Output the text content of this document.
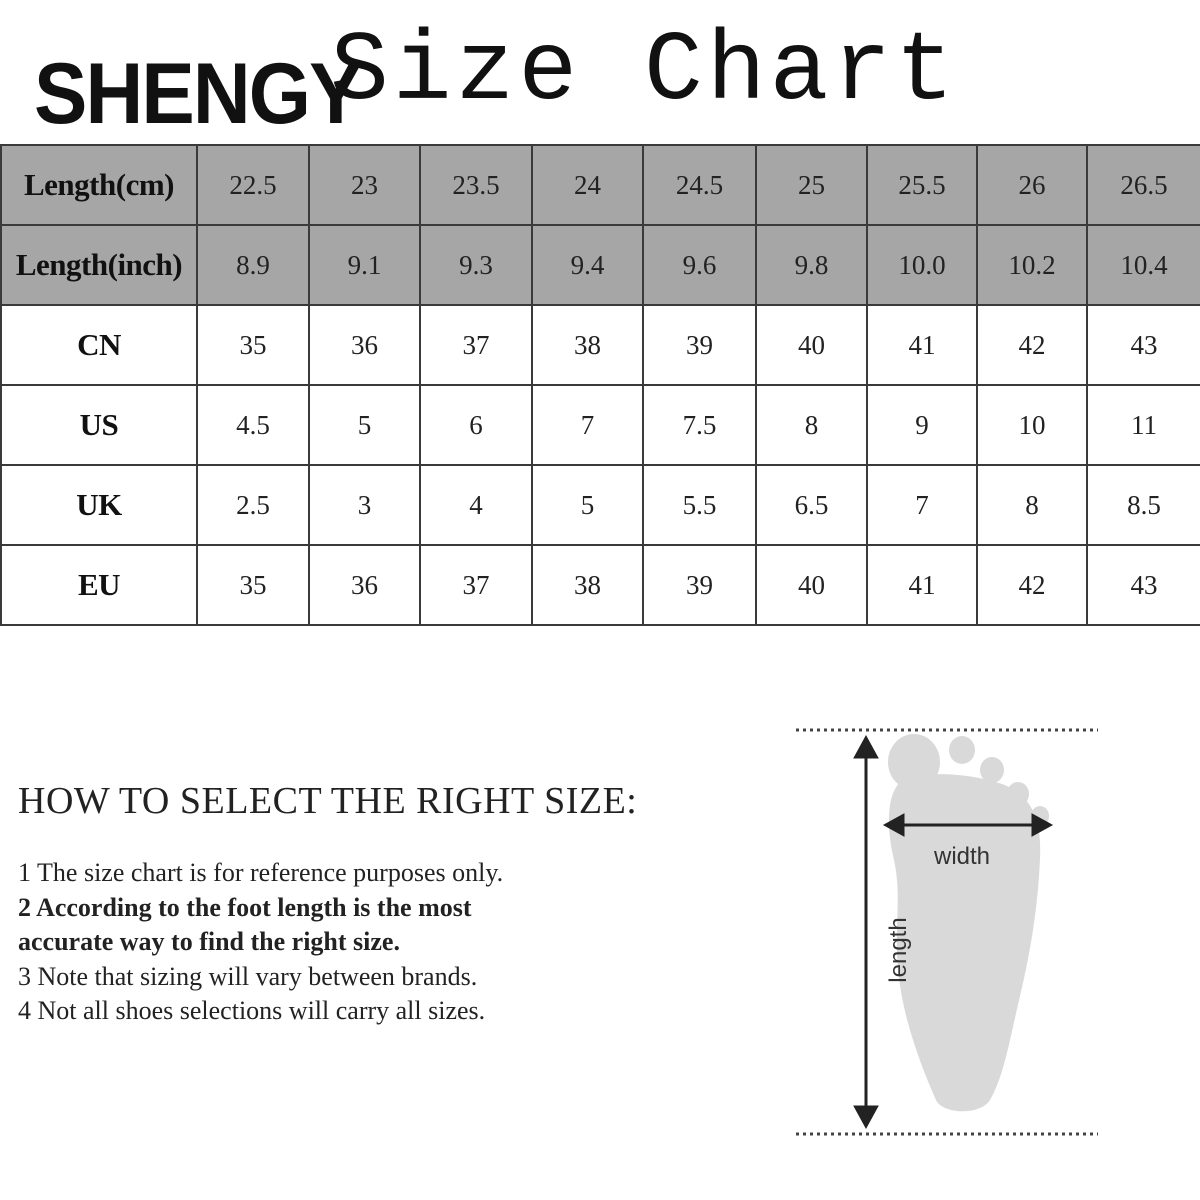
SHENGY
Size Chart
Length(cm)	22.5	23	23.5	24	24.5	25	25.5	26	26.5
Length(inch)	8.9	9.1	9.3	9.4	9.6	9.8	10.0	10.2	10.4
CN	35	36	37	38	39	40	41	42	43
US	4.5	5	6	7	7.5	8	9	10	11
UK	2.5	3	4	5	5.5	6.5	7	8	8.5
EU	35	36	37	38	39	40	41	42	43
HOW TO SELECT THE RIGHT SIZE:

1 The size chart is for reference purposes only.

2 According to the foot length is the most

accurate way to find the right size.

3 Note that sizing will vary between brands.

4 Not all shoes selections will carry all sizes.

width
length
